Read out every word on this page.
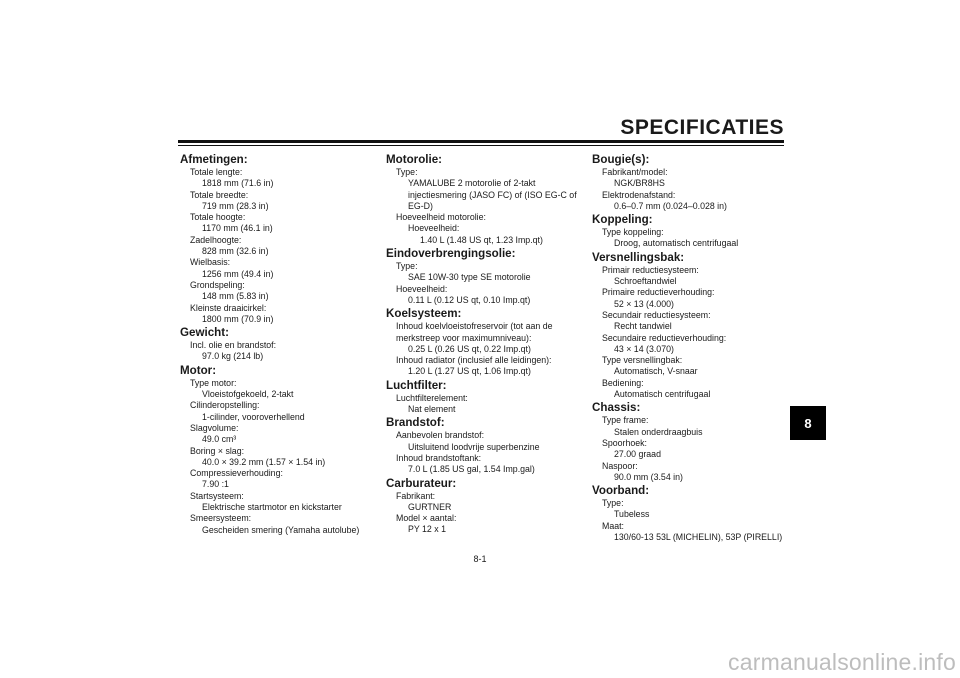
SPECIFICATIES
Afmetingen:
Totale lengte:
1818 mm (71.6 in)
Totale breedte:
719 mm (28.3 in)
Totale hoogte:
1170 mm (46.1 in)
Zadelhoogte:
828 mm (32.6 in)
Wielbasis:
1256 mm (49.4 in)
Grondspeling:
148 mm (5.83 in)
Kleinste draaicirkel:
1800 mm (70.9 in)
Gewicht:
Incl. olie en brandstof:
97.0 kg (214 lb)
Motor:
Type motor:
Vloeistofgekoeld, 2-takt
Cilinderopstelling:
1-cilinder, vooroverhellend
Slagvolume:
49.0 cm³
Boring × slag:
40.0 × 39.2 mm (1.57 × 1.54 in)
Compressieverhouding:
7.90 :1
Startsysteem:
Elektrische startmotor en kickstarter
Smeersysteem:
Gescheiden smering (Yamaha autolube)
Motorolie:
Type:
YAMALUBE 2 motorolie of 2-takt
injectiesmering (JASO FC) of (ISO EG-C of
EG-D)
Hoeveelheid motorolie:
Hoeveelheid:
1.40 L (1.48 US qt, 1.23 Imp.qt)
Eindoverbrengingsolie:
Type:
SAE 10W-30 type SE motorolie
Hoeveelheid:
0.11 L (0.12 US qt, 0.10 Imp.qt)
Koelsysteem:
Inhoud koelvloeistofreservoir (tot aan de
merkstreep voor maximumniveau):
0.25 L (0.26 US qt, 0.22 Imp.qt)
Inhoud radiator (inclusief alle leidingen):
1.20 L (1.27 US qt, 1.06 Imp.qt)
Luchtfilter:
Luchtfilterelement:
Nat element
Brandstof:
Aanbevolen brandstof:
Uitsluitend loodvrije superbenzine
Inhoud brandstoftank:
7.0 L (1.85 US gal, 1.54 Imp.gal)
Carburateur:
Fabrikant:
GURTNER
Model × aantal:
PY 12 x 1
Bougie(s):
Fabrikant/model:
NGK/BR8HS
Elektrodenafstand:
0.6–0.7 mm (0.024–0.028 in)
Koppeling:
Type koppeling:
Droog, automatisch centrifugaal
Versnellingsbak:
Primair reductiesysteem:
Schroeftandwiel
Primaire reductieverhouding:
52 × 13 (4.000)
Secundair reductiesysteem:
Recht tandwiel
Secundaire reductieverhouding:
43 × 14 (3.070)
Type versnellingbak:
Automatisch, V-snaar
Bediening:
Automatisch centrifugaal
Chassis:
Type frame:
Stalen onderdraagbuis
Spoorhoek:
27.00 graad
Naspoor:
90.0 mm (3.54 in)
Voorband:
Type:
Tubeless
Maat:
130/60-13 53L (MICHELIN), 53P (PIRELLI)
8
8-1
carmanualsonline.info
